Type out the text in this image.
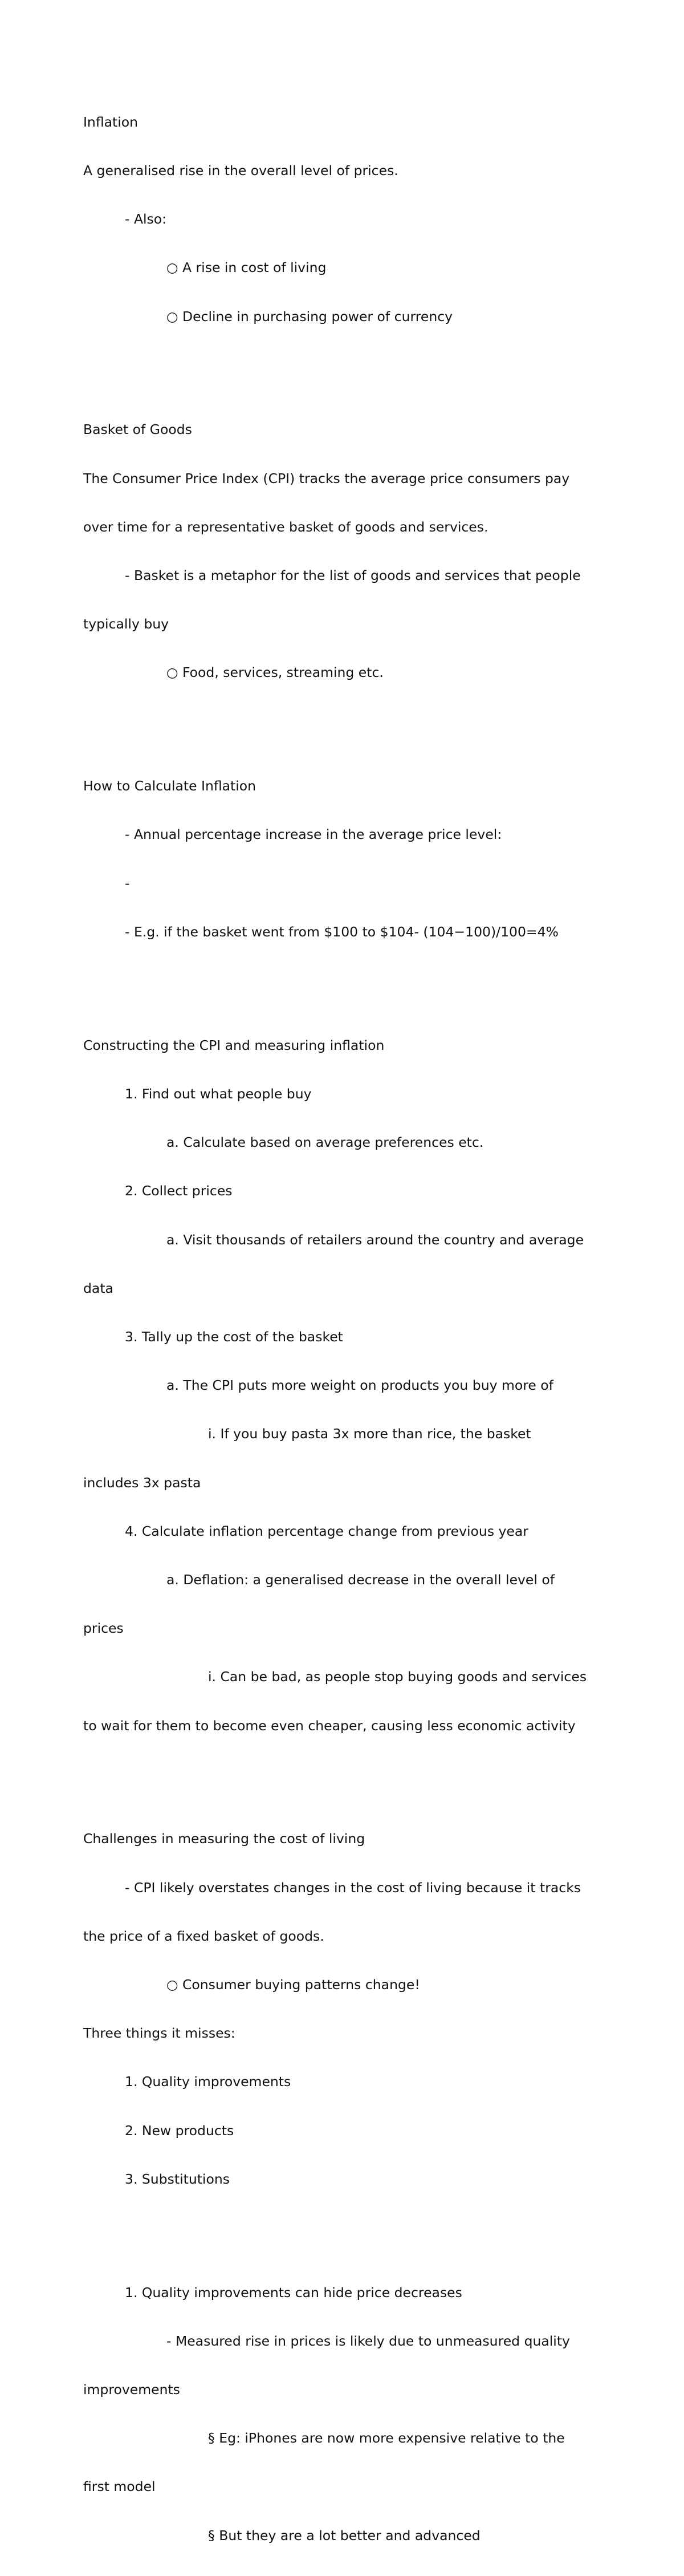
Inflation

A generalised rise in the overall level of prices.

- Also:

○ A rise in cost of living

○ Decline in purchasing power of currency

Basket of Goods

The Consumer Price Index (CPI) tracks the average price consumers pay

over time for a representative basket of goods and services.

- Basket is a metaphor for the list of goods and services that people

typically buy

○ Food, services, streaming etc.

How to Calculate Inflation

- Annual percentage increase in the average price level:

-

- E.g. if the basket went from $100 to $104- (104−100)/100=4%

Constructing the CPI and measuring inflation

1. Find out what people buy

a. Calculate based on average preferences etc.

2. Collect prices

a. Visit thousands of retailers around the country and average

data

3. Tally up the cost of the basket

a. The CPI puts more weight on products you buy more of

i. If you buy pasta 3x more than rice, the basket

includes 3x pasta

4. Calculate inflation percentage change from previous year

a. Deflation: a generalised decrease in the overall level of

prices

i. Can be bad, as people stop buying goods and services

to wait for them to become even cheaper, causing less economic activity

Challenges in measuring the cost of living

- CPI likely overstates changes in the cost of living because it tracks

the price of a fixed basket of goods.

○ Consumer buying patterns change!

Three things it misses:

1. Quality improvements

2. New products

3. Substitutions

1. Quality improvements can hide price decreases

- Measured rise in prices is likely due to unmeasured quality

improvements

§ Eg: iPhones are now more expensive relative to the

first model

§ But they are a lot better and advanced
